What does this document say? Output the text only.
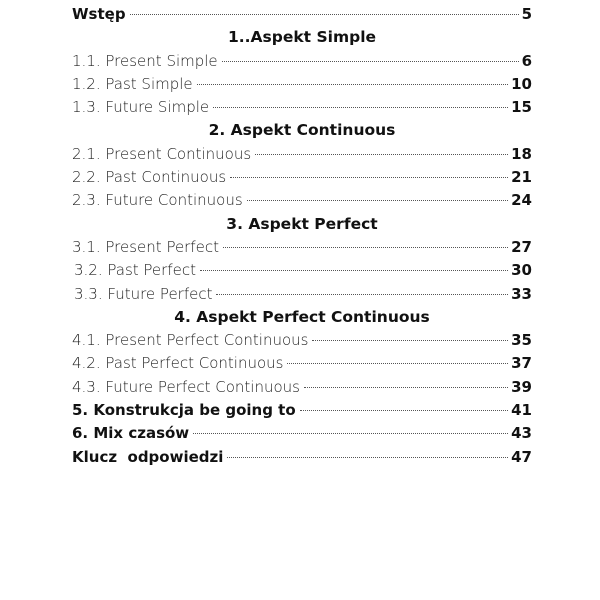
Wstęp	5
1..Aspekt Simple
1.1. Present Simple	6
1.2. Past Simple	10
1.3. Future Simple	15
2. Aspekt Continuous
2.1. Present Continuous	18
2.2. Past Continuous	21
2.3. Future Continuous	24
3. Aspekt Perfect
3.1. Present Perfect	27
3.2. Past Perfect	30
3.3. Future Perfect	33
4. Aspekt Perfect Continuous
4.1. Present Perfect Continuous	35
4.2. Past Perfect Continuous	37
4.3. Future Perfect Continuous	39
5. Konstrukcja be going to	41
6. Mix czasów	43
Klucz  odpowiedzi	47
